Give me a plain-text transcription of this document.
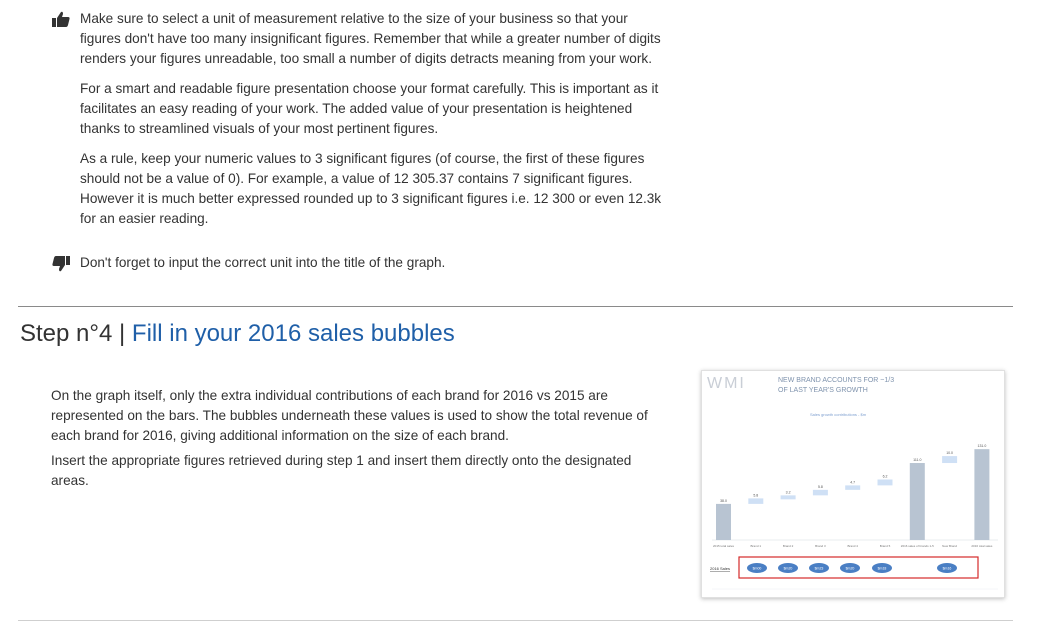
Make sure to select a unit of measurement relative to the size of your business so that your figures don't have too many insignificant figures. Remember that while a greater number of digits renders your figures unreadable, too small a number of digits detracts meaning from your work.

For a smart and readable figure presentation choose your format carefully. This is important as it facilitates an easy reading of your work. The added value of your presentation is heightened thanks to streamlined visuals of your most pertinent figures.

As a rule, keep your numeric values to 3 significant figures (of course, the first of these figures should not be a value of 0). For example, a value of 12 305.37 contains 7 significant figures. However it is much better expressed rounded up to 3 significant figures i.e. 12 300 or even 12.3k for an easier reading.

Don't forget to input the correct unit into the title of the graph.

Step n°4 | Fill in your 2016 sales bubbles

On the graph itself, only the extra individual contributions of each brand for 2016 vs 2015 are represented on the bars. The bubbles underneath these values is used to show the total revenue of each brand for 2016, giving additional information on the size of each brand.

Insert the appropriate figures retrieved during step 1 and insert them directly onto the designated areas.

WMI	NEW BRAND ACCOUNTS FOR ~1/3
OF LAST YEAR'S GROWTH
Sales growth contributions - $m
38.0
2015 total sales
5.8
Brand 1
3.2
Brand 2
5.8
Brand 3
4.7
Brand 4
6.2
Brand 5
111.0
2016 sales of brands 1-5
10.0
New Brand
131.0
2016 total sales
2016 Sales	$m00	$m20	$m23	$m20	$m18	$m16
